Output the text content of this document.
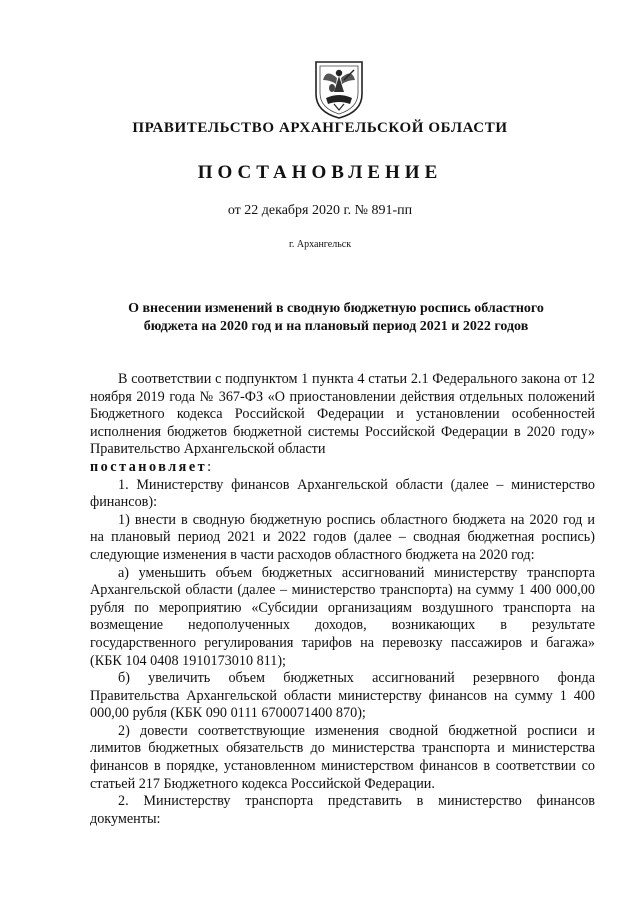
ПРАВИТЕЛЬСТВО АРХАНГЕЛЬСКОЙ ОБЛАСТИ
ПОСТАНОВЛЕНИЕ
от 22 декабря 2020 г. № 891-пп
г. Архангельск
О внесении изменений в сводную бюджетную роспись областного
бюджета на 2020 год и на плановый период 2021 и 2022 годов

В соответствии с подпунктом 1 пункта 4 статьи 2.1 Федерального закона от 12 ноября 2019 года № 367-ФЗ «О приостановлении действия отдельных положений Бюджетного кодекса Российской Федерации и установлении особенностей исполнения бюджетов бюджетной системы Российской Федерации в 2020 году» Правительство Архангельской области

постановляет:

1. Министерству финансов Архангельской области (далее – министерство финансов):

1) внести в сводную бюджетную роспись областного бюджета на 2020 год и на плановый период 2021 и 2022 годов (далее – сводная бюджетная роспись) следующие изменения в части расходов областного бюджета на 2020 год:

а) уменьшить объем бюджетных ассигнований министерству транспорта Архангельской области (далее – министерство транспорта) на сумму 1 400 000,00 рубля по мероприятию «Субсидии организациям воздушного транспорта на возмещение недополученных доходов, возникающих в результате государственного регулирования тарифов на перевозку пассажиров и багажа» (КБК 104 0408 1910173010 811);

б) увеличить объем бюджетных ассигнований резервного фонда Правительства Архангельской области министерству финансов на сумму 1 400 000,00 рубля (КБК 090 0111 6700071400 870);

2) довести соответствующие изменения сводной бюджетной росписи и лимитов бюджетных обязательств до министерства транспорта и министерства финансов в порядке, установленном министерством финансов в соответствии со статьей 217 Бюджетного кодекса Российской Федерации.

2. Министерству транспорта представить в министерство финансов документы:
